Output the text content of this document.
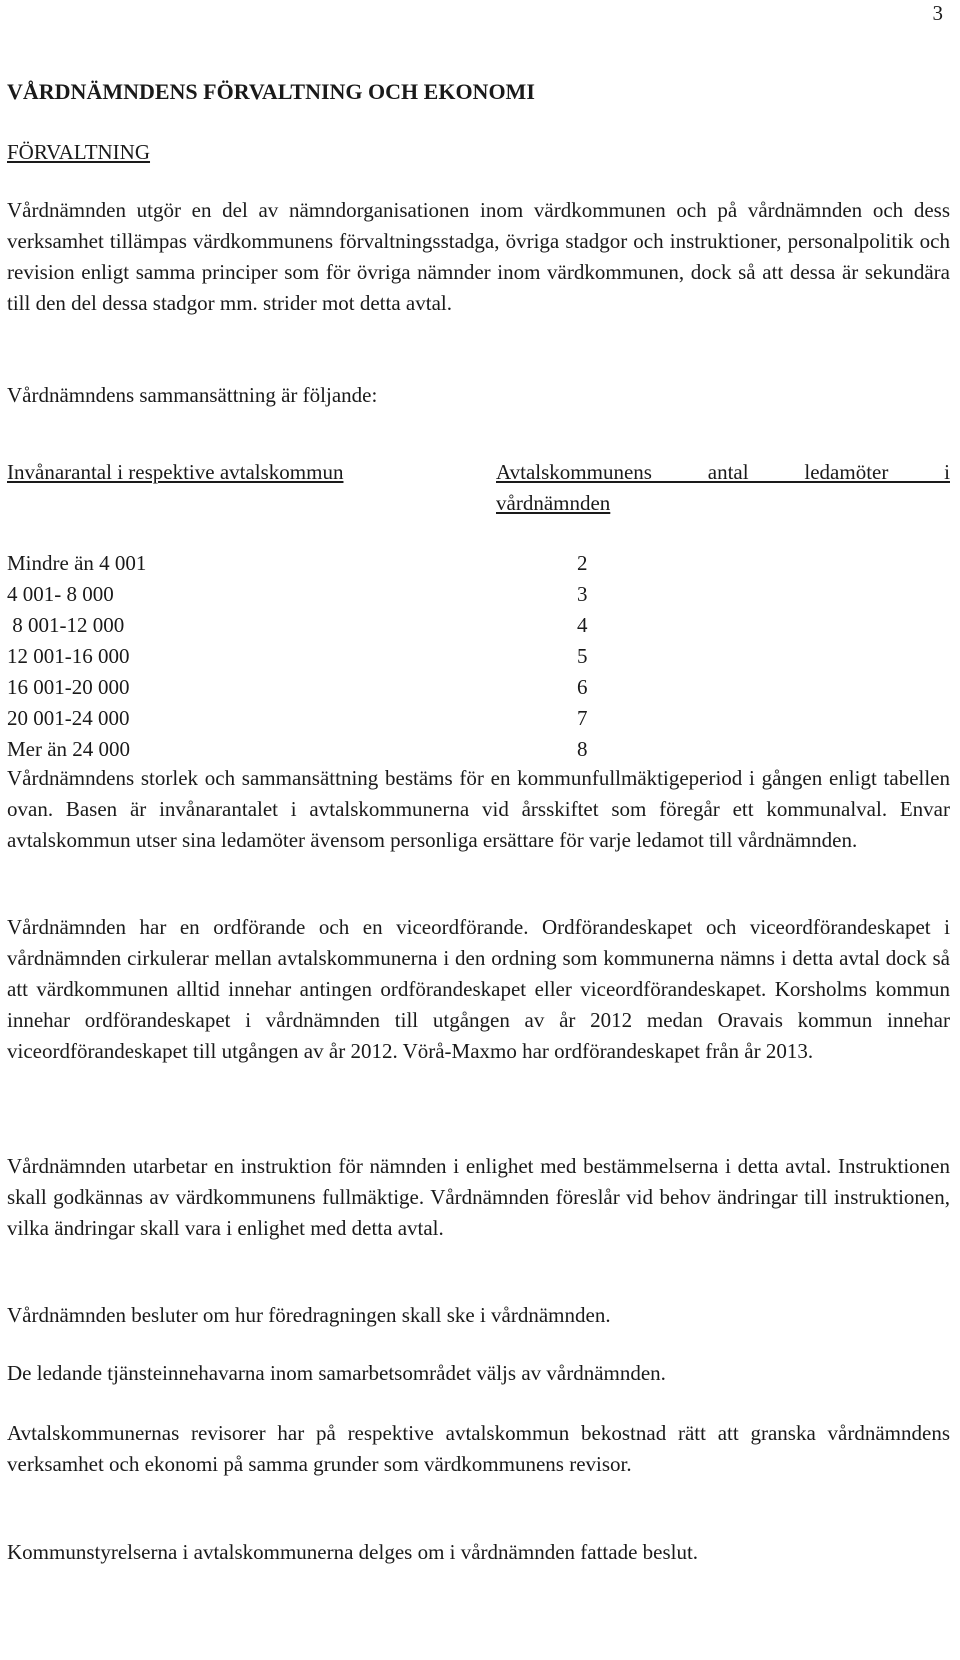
3
VÅRDNÄMNDENS FÖRVALTNING OCH EKONOMI
FÖRVALTNING

Vårdnämnden utgör en del av nämndorganisationen inom värdkommunen och på vårdnämnden och dess verksamhet tillämpas värdkommunens förvaltningsstadga, övriga stadgor och instruktioner, personalpolitik och revision enligt samma principer som för övriga nämnder inom värdkommunen, dock så att dessa är sekundära till den del dessa stadgor mm. strider mot detta avtal.

Vårdnämndens sammansättning är följande:

Invånarantal i respektive avtalskommun	Avtalskommunens antal ledamöter i
vårdnämnden
Mindre än 4 001	2
4 001- 8 000	3
8 001-12 000	4
12 001-16 000	5
16 001-20 000	6
20 001-24 000	7
Mer än 24 000	8

Vårdnämndens storlek och sammansättning bestäms för en kommunfullmäktigeperiod i gången enligt tabellen ovan. Basen är invånarantalet i avtalskommunerna vid årsskiftet som föregår ett kommunalval. Envar avtalskommun utser sina ledamöter ävensom personliga ersättare för varje ledamot till vårdnämnden.

Vårdnämnden har en ordförande och en viceordförande. Ordförandeskapet och viceordförandeskapet i vårdnämnden cirkulerar mellan avtalskommunerna i den ordning som kommunerna nämns i detta avtal dock så att värdkommunen alltid innehar antingen ordförandeskapet eller viceordförandeskapet. Korsholms kommun innehar ordförandeskapet i vårdnämnden till utgången av år 2012 medan Oravais kommun innehar viceordförandeskapet till utgången av år 2012. Vörå-Maxmo har ordförandeskapet från år 2013.

Vårdnämnden utarbetar en instruktion för nämnden i enlighet med bestämmelserna i detta avtal. Instruktionen skall godkännas av värdkommunens fullmäktige. Vårdnämnden föreslår vid behov ändringar till instruktionen, vilka ändringar skall vara i enlighet med detta avtal.

Vårdnämnden besluter om hur föredragningen skall ske i vårdnämnden.

De ledande tjänsteinnehavarna inom samarbetsområdet väljs av vårdnämnden.

Avtalskommunernas revisorer har på respektive avtalskommun bekostnad rätt att granska vårdnämndens verksamhet och ekonomi på samma grunder som värdkommunens revisor.

Kommunstyrelserna i avtalskommunerna delges om i vårdnämnden fattade beslut.
